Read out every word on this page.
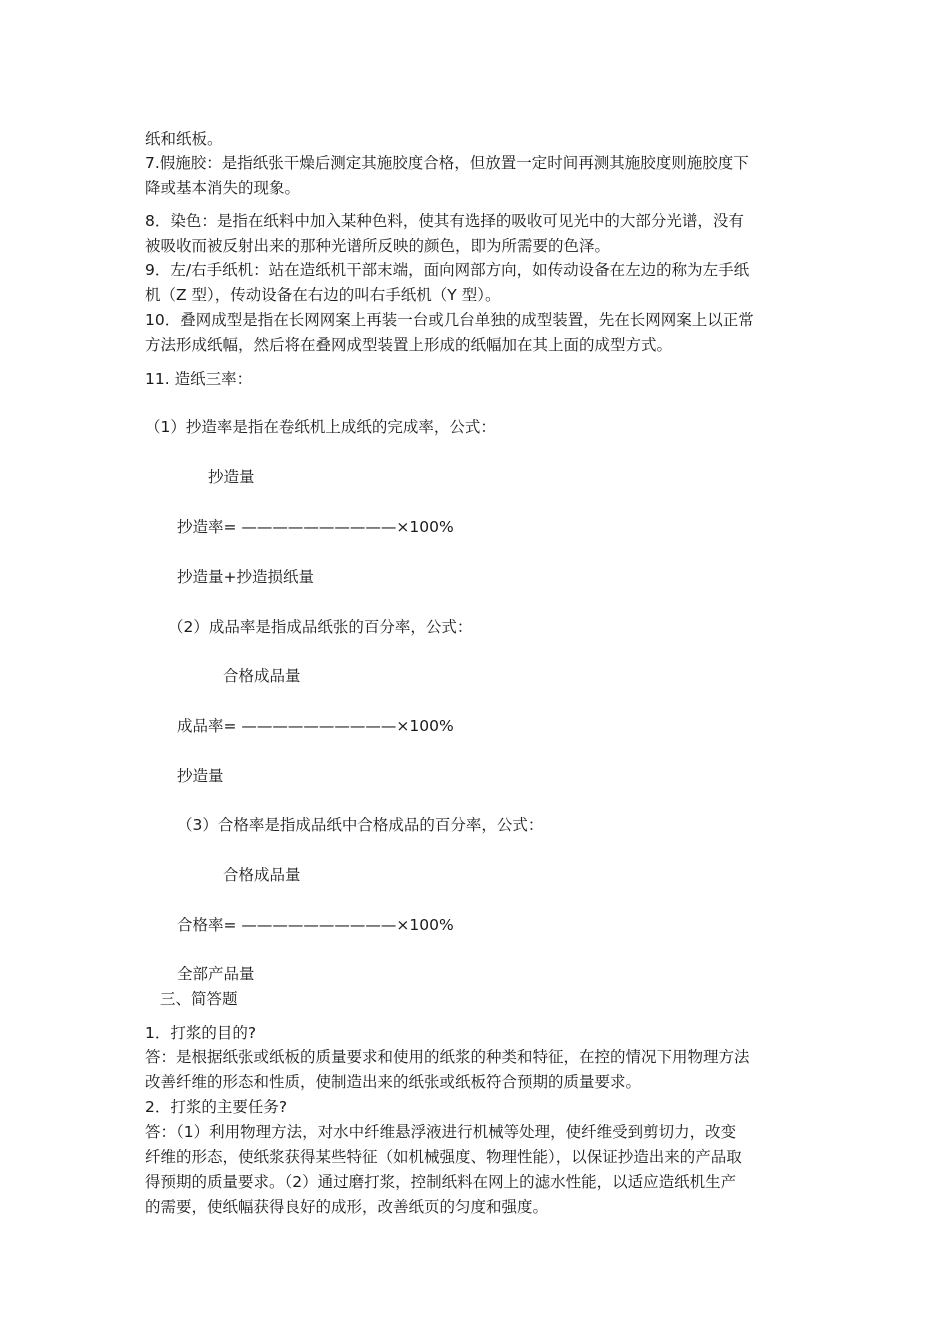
纸和纸板。
7.假施胶：是指纸张干燥后测定其施胶度合格，但放置一定时间再测其施胶度则施胶度下
降或基本消失的现象。
8．染色：是指在纸料中加入某种色料，使其有选择的吸收可见光中的大部分光谱，没有
被吸收而被反射出来的那种光谱所反映的颜色，即为所需要的色泽。
9．左/右手纸机：站在造纸机干部末端，面向网部方向，如传动设备在左边的称为左手纸
机（Z 型），传动设备在右边的叫右手纸机（Y 型）。
10．叠网成型是指在长网网案上再装一台或几台单独的成型装置，先在长网网案上以正常
方法形成纸幅，然后将在叠网成型装置上形成的纸幅加在其上面的成型方式。
11. 造纸三率：
（1）抄造率是指在卷纸机上成纸的完成率，公式：
抄造量
抄造率= ——————————×100%
抄造量+抄造损纸量
（2）成品率是指成品纸张的百分率，公式：
合格成品量
成品率= ——————————×100%
抄造量
（3）合格率是指成品纸中合格成品的百分率，公式：
合格成品量
合格率= ——————————×100%
全部产品量
三、简答题
1．打浆的目的?
答：是根据纸张或纸板的质量要求和使用的纸浆的种类和特征，在控的情况下用物理方法
改善纤维的形态和性质，使制造出来的纸张或纸板符合预期的质量要求。
2．打浆的主要任务?
答：（1）利用物理方法，对水中纤维悬浮液进行机械等处理，使纤维受到剪切力，改变
纤维的形态，使纸浆获得某些特征（如机械强度、物理性能），以保证抄造出来的产品取
得预期的质量要求。（2）通过磨打浆，控制纸料在网上的滤水性能，以适应造纸机生产
的需要，使纸幅获得良好的成形，改善纸页的匀度和强度。
